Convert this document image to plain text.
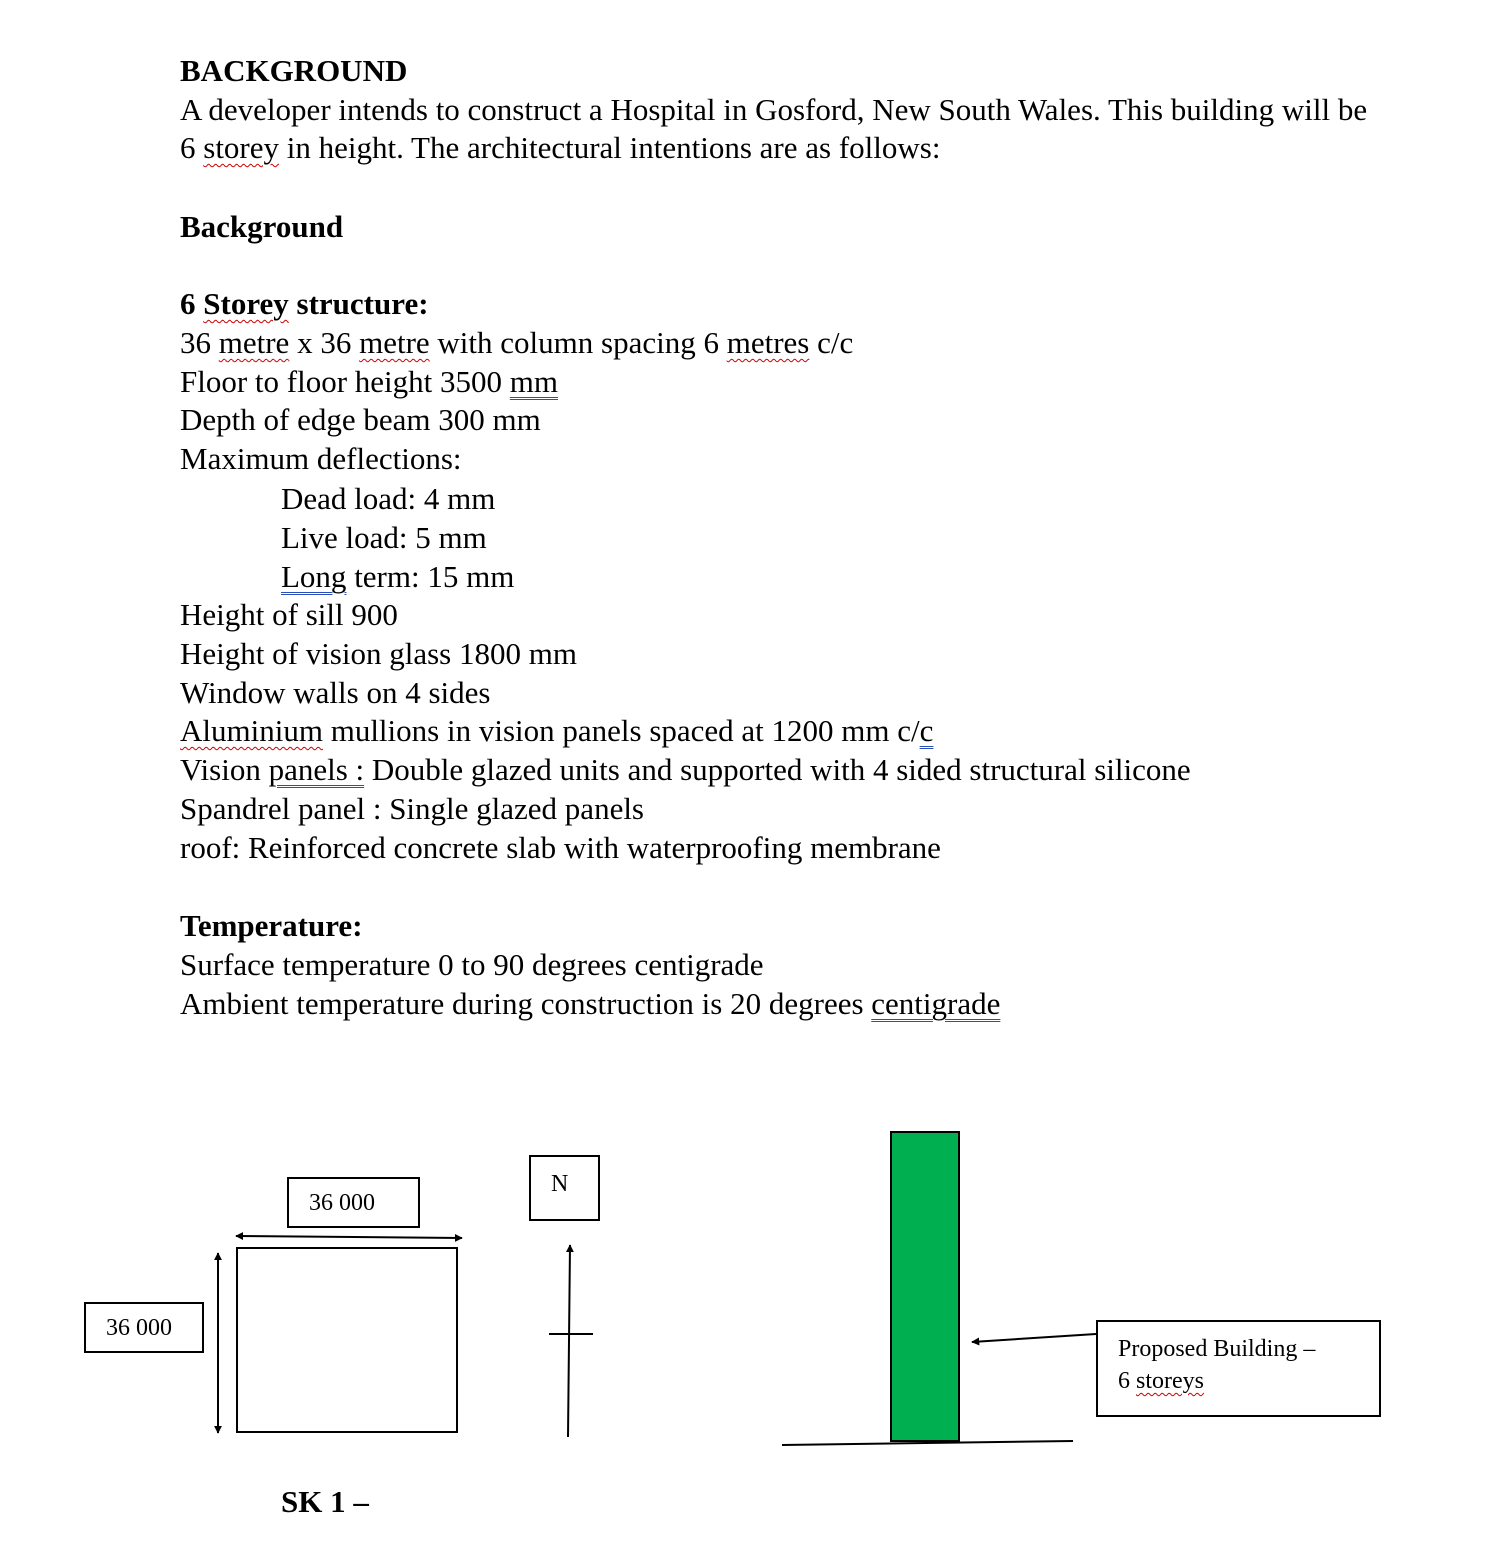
BACKGROUND
A developer intends to construct a Hospital in Gosford, New South Wales. This building will be
6 storey in height. The architectural intentions are as follows:
Background
6 Storey structure:
36 metre x 36 metre with column spacing 6 metres c/c
Floor to floor height 3500 mm
Depth of edge beam 300 mm
Maximum deflections:
Dead load: 4 mm
Live load: 5 mm
Long term: 15 mm
Height of sill 900
Height of vision glass 1800 mm
Window walls on 4 sides
Aluminium mullions in vision panels spaced at 1200 mm c/c
Vision panels : Double glazed units and supported with 4 sided structural silicone
Spandrel panel : Single glazed panels
roof: Reinforced concrete slab with waterproofing membrane
Temperature:
Surface temperature 0 to 90 degrees centigrade
Ambient temperature during construction is 20 degrees centigrade
36 000
36 000
N
Proposed Building –
6 storeys
SK 1 –
